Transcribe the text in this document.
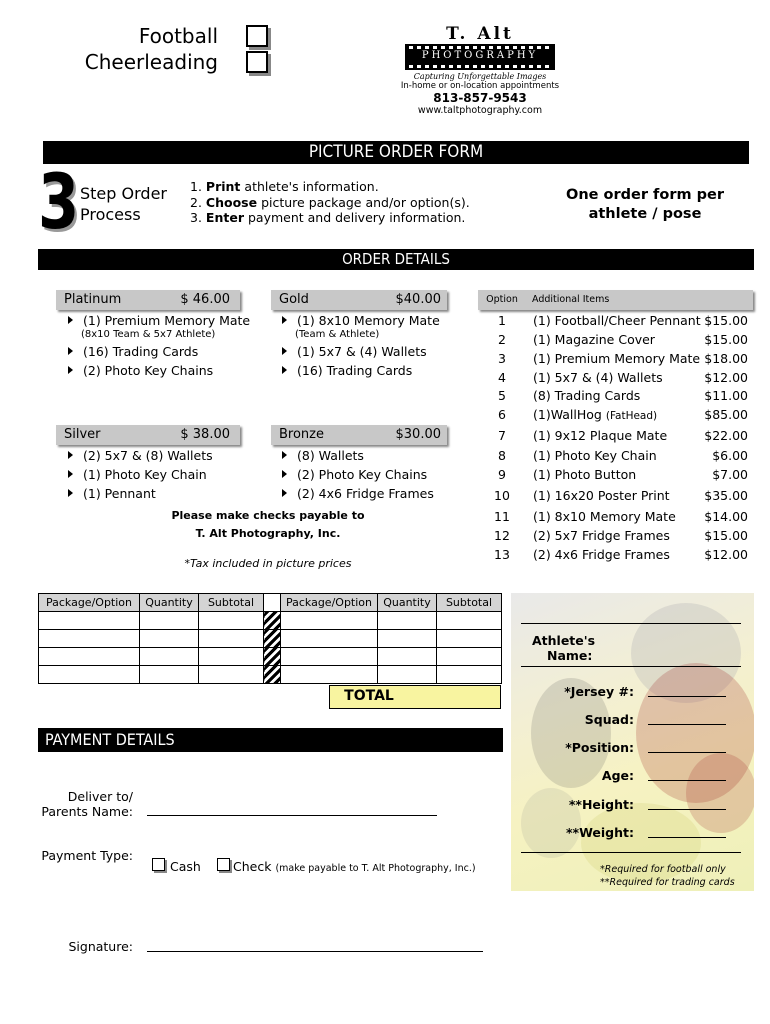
Football
Cheerleading
T. Alt
PHOTOGRAPHY
Capturing Unforgettable Images
In-home or on-location appointments
813-857-9543
www.taltphotography.com
PICTURE ORDER FORM
3 Step Order
Process
1. Print athlete's information.
2. Choose picture package and/or option(s).
3. Enter payment and delivery information.
One order form per
athlete / pose
ORDER DETAILS
Platinum	$ 46.00
(1) Premium Memory Mate
(8x10 Team & 5x7 Athlete)
(16) Trading Cards
(2) Photo Key Chains
Gold	$40.00
(1) 8x10 Memory Mate
(Team & Athlete)
(1) 5x7 & (4) Wallets
(16) Trading Cards
Silver	$ 38.00
(2) 5x7 & (8) Wallets
(1) Photo Key Chain
(1) Pennant
Bronze	$30.00
(8) Wallets
(2) Photo Key Chains
(2) 4x6 Fridge Frames
Please make checks payable to
T. Alt Photography, Inc.
*Tax included in picture prices
Option	Additional Items
1	(1) Football/Cheer Pennant $15.00
2	(1) Magazine Cover	$15.00
3	(1) Premium Memory Mate $18.00
4	(1) 5x7 & (4) Wallets	$12.00
5	(8) Trading Cards	$11.00
6	(1)WallHog (FatHead)	$85.00
7	(1) 9x12 Plaque Mate	$22.00
8	(1) Photo Key Chain	$6.00
9	(1) Photo Button	$7.00
10	(1) 16x20 Poster Print	$35.00
11	(1) 8x10 Memory Mate	$14.00
12	(2) 5x7 Fridge Frames	$15.00
13	(2) 4x6 Fridge Frames	$12.00
Package/Option	Quantity	Subtotal		Package/Option	Quantity	Subtotal

TOTAL
PAYMENT DETAILS
Deliver to/
Parents Name:
Payment Type:
Cash	Check (make payable to T. Alt Photography, Inc.)
Signature:
Athlete's
Name:
*Jersey #:
Squad:
*Position:
Age:
**Height:
**Weight:
*Required for football only
**Required for trading cards
